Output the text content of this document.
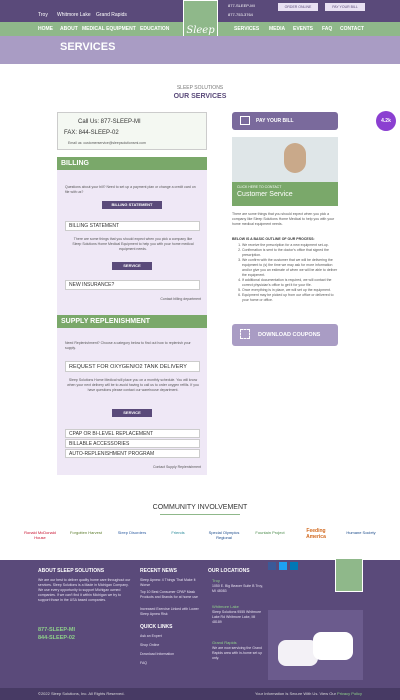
Troy Whitmore Lake Grand Rapids
877-SLEEP-MI
877-753-3764
ORDER ONLINE	PAY YOUR BILL
HOME ABOUT MEDICAL EQUIPMENT EDUCATION	SERVICES MEDIA EVENTS FAQ CONTACT
Sleep
SERVICES
SLEEP SOLUTIONS
OUR SERVICES
Call Us: 877-SLEEP-MI
FAX: 844-SLEEP-02
Email us: customerservice@sleepsolutionsmi.com
BILLING
Questions about your bill? Need to set up a payment plan or change a credit card on file with us?
BILLING STATEMENT
BILLING STATEMENT
There are some things that you should expect when you pick a company like Sleep Solutions Home Medical Equipment to help you with your home medical equipment needs.
SERVICE
NEW INSURANCE?
Contact billing department
SUPPLY REPLENISHMENT
Need Replenishment? Choose a category below to find out how to replenish your supply.
REQUEST FOR OXYGEN/O2 TANK DELIVERY
Sleep Solutions Home Medical will place you on a monthly schedule. You will know when your next delivery will be to avoid having to call us to order oxygen refills. If you have questions please contact our warehouse department.
SERVICE
CPAP OR BI-LEVEL REPLACEMENT
BILLABLE ACCESSORIES
AUTO-REPLENISHMENT PROGRAM
Contact Supply Replenishment
PAY YOUR BILL
CLICK HERE TO CONTACT
Customer Service
There are some things that you should expect when you pick a company like Sleep Solutions Home Medical to help you with your home medical equipment needs.
BELOW IS A BASIC OUTLINE OF OUR PROCESS:
1. We receive the prescription for a new equipment set-up.
2. Confirmation is sent to the doctor's office that signed the prescription.
3. We confirm with the customer that we will be delivering the equipment to (s) the time we may ask for more information and/or give you an estimate of when we will be able to deliver the equipment.
4. If additional documentation is required, we will contact the correct physician's office to get it for your file.
5. Once everything is in place, we will set up the equipment.
6. Equipment may be picked up from our office or delivered to your home or office.
DOWNLOAD COUPONS
4.2k
COMMUNITY INVOLVEMENT
Ronald McDonald House
Forgotten Harvest	Sleep Disorders	Friends	Special Olympics Regional
Fountain Project	Feeding America
Humane Society
ABOUT SLEEP SOLUTIONS
We are our best to deliver quality home care throughout our services. Sleep Solutions is a Made in Michigan Company. We use every opportunity to support Michigan owned companies. If we can't find it within Michigan we try to support those in the USA based companies.
877-SLEEP-MI
844-SLEEP-02
RECENT NEWS
Sleep Apnea: 4 Things That Make It Worse
Top 10 Best Consumer CPAP Mask Products and Brands for at home use
Increased Exercise Linked with Lower Sleep Apnea Risk
QUICK LINKS
Ask an Expert
Shop Online
Download Information
FAQ
OUR LOCATIONS
Troy
1050 E. Big Beaver Suite B Troy, MI 48083
Whitmore Lake
Sleep Solutions 9555 Whitmore Lake Rd Whitmore Lake, MI 48189
Grand Rapids
We are now servicing the Grand Rapids area with in-home set up only.
©2022 Sleep Solutions, Inc. All Rights Reserved.	Your Information Is Secure With Us. View Our Privacy Policy
